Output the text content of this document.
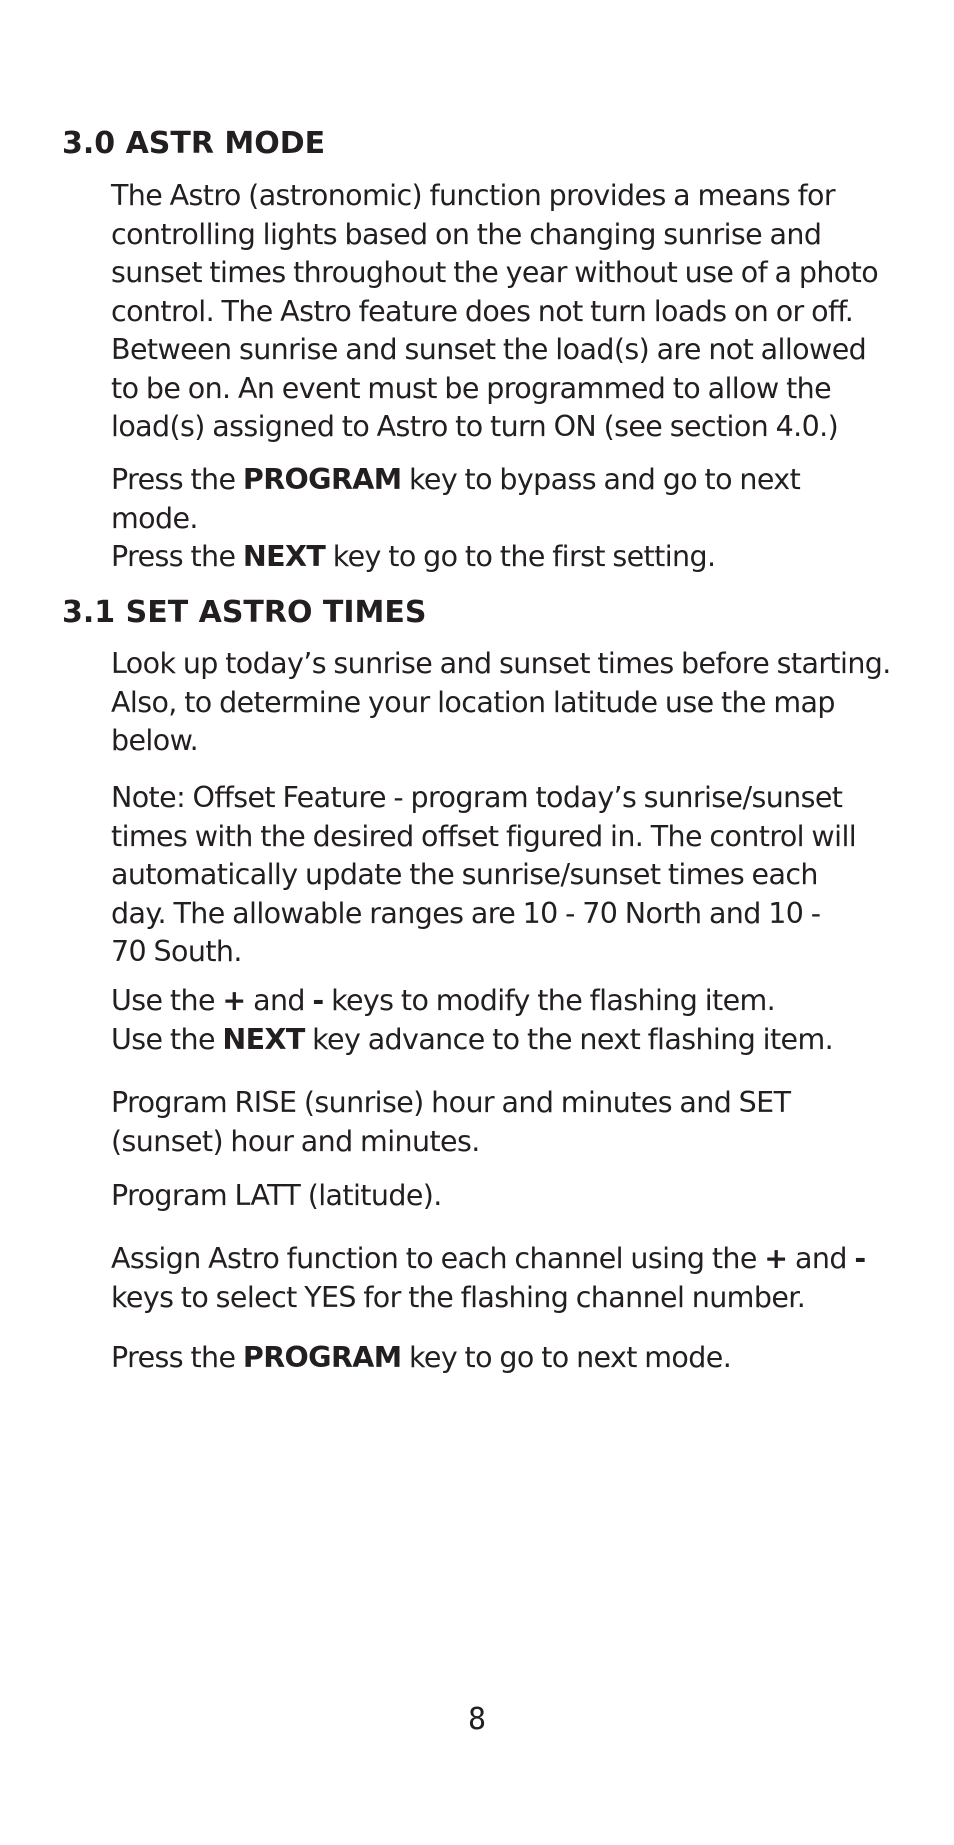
3.0 ASTR MODE

The Astro (astronomic) function provides a means for
controlling lights based on the changing sunrise and
sunset times throughout the year without use of a photo
control. The Astro feature does not turn loads on or off.
Between sunrise and sunset the load(s) are not allowed
to be on. An event must be programmed to allow the
load(s) assigned to Astro to turn ON (see section 4.0.)

Press the PROGRAM key to bypass and go to next
mode.
Press the NEXT key to go to the first setting.

3.1 SET ASTRO TIMES

Look up today’s sunrise and sunset times before starting.
Also, to determine your location latitude use the map
below.

Note: Offset Feature - program today’s sunrise/sunset
times with the desired offset figured in. The control will
automatically update the sunrise/sunset times each
day. The allowable ranges are 10 - 70 North and 10 -
70 South.

Use the + and - keys to modify the flashing item.
Use the NEXT key advance to the next flashing item.

Program RISE (sunrise) hour and minutes and SET
(sunset) hour and minutes.

Program LATT (latitude).

Assign Astro function to each channel using the + and -
keys to select YES for the flashing channel number.

Press the PROGRAM key to go to next mode.

8
